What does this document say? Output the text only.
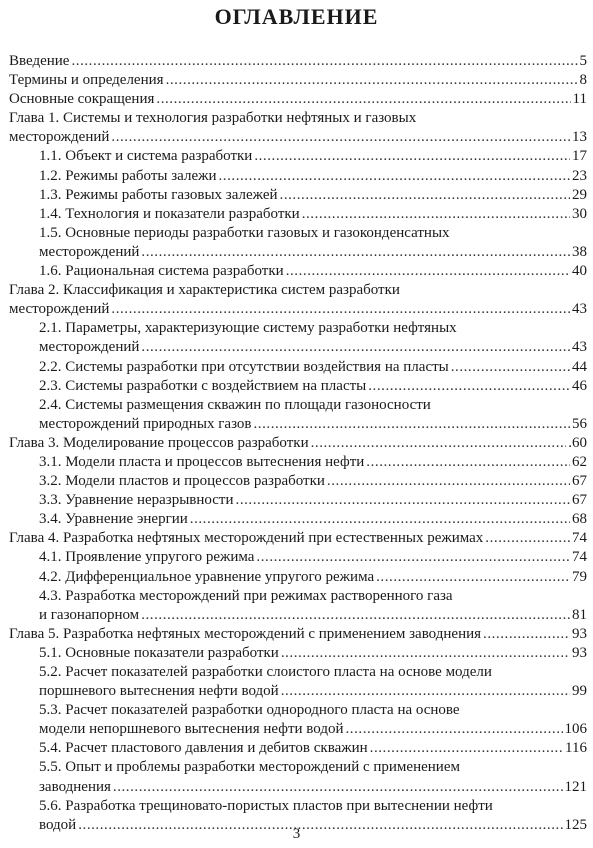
ОГЛАВЛЕНИЕ
Введение . . .	5
Термины и определения . . .	8
Основные сокращения . . .	11
Глава 1. Системы и технология разработки нефтяных и газовых
месторождений . . .	13
1.1. Объект и система разработки . . .	17
1.2. Режимы работы залежи . . .	23
1.3. Режимы работы газовых залежей . . .	29
1.4. Технология и показатели разработки . . .	30
1.5. Основные периоды разработки газовых и газоконденсатных
месторождений . . .	38
1.6. Рациональная система разработки . . .	40
Глава 2. Классификация и характеристика систем разработки
месторождений . . .	43
2.1. Параметры, характеризующие систему разработки нефтяных
месторождений . . .	43
2.2. Системы разработки при отсутствии воздействия на пласты . . .	44
2.3. Системы разработки с воздействием на пласты . . .	46
2.4. Системы размещения скважин по площади газоносности
месторождений природных газов . . .	56
Глава 3. Моделирование процессов разработки . . .	.60
3.1. Модели пласта и процессов вытеснения нефти . . .	62
3.2. Модели пластов и процессов разработки . . .	67
3.3. Уравнение неразрывности . . .	67
3.4. Уравнение энергии . . .	68
Глава 4. Разработка нефтяных месторождений при естественных режимах . . .	74
4.1. Проявление упругого режима . . .	74
4.2. Дифференциальное уравнение упругого режима . . .	79
4.3. Разработка месторождений при режимах растворенного газа
и газонапорном . . .	81
Глава 5. Разработка нефтяных месторождений с применением заводнения . . .	93
5.1. Основные показатели разработки . . .	93
5.2. Расчет показателей разработки слоистого пласта на основе модели
поршневого вытеснения нефти водой . . .	99
5.3. Расчет показателей разработки однородного пласта на основе
модели непоршневого вытеснения нефти водой . . .	106
5.4. Расчет пластового давления и дебитов скважин . . .	116
5.5. Опыт и проблемы разработки месторождений с применением
заводнения . . .	121
5.6. Разработка трещиновато-пористых пластов при вытеснении нефти
водой . . .	125
3
